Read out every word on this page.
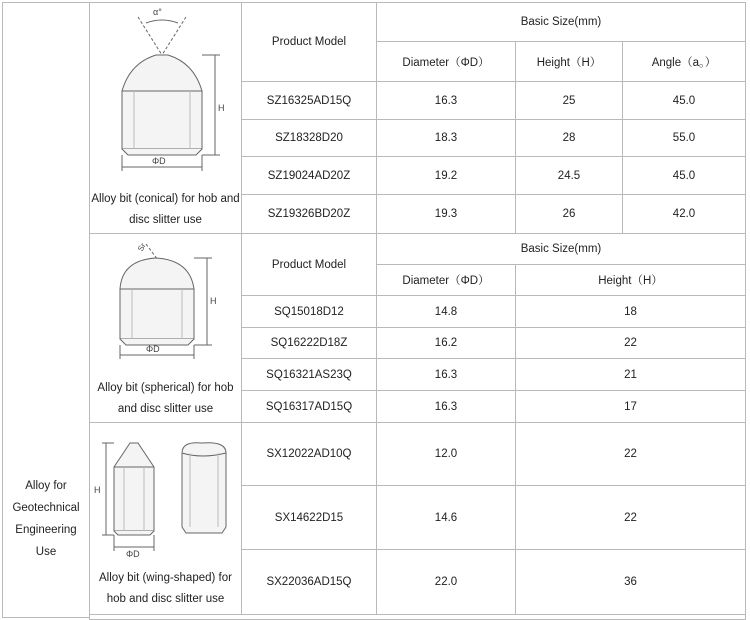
Alloy for
Geotechnical
Engineering
Use
α°
H
ΦD
Alloy bit (conical) for hob and
disc slitter use
Product Model
Basic Size(mm)
Diameter（ΦD）	Height（H）	Angle（a。）
SZ16325AD15Q	16.3	25	45.0
SZ18328D20	18.3	28	55.0
SZ19024AD20Z	19.2	24.5	45.0
SZ19326BD20Z	19.3	26	42.0
Sr
H
ΦD
Alloy bit (spherical) for hob
and disc slitter use
Product Model
Basic Size(mm)
Diameter（ΦD）	Height（H）
SQ15018D12	14.8	18
SQ16222D18Z	16.2	22
SQ16321AS23Q	16.3	21
SQ16317AD15Q	16.3	17
H
ΦD
Alloy bit (wing-shaped) for
hob and disc slitter use
SX12022AD10Q	12.0	22
SX14622D15	14.6	22
SX22036AD15Q	22.0	36
